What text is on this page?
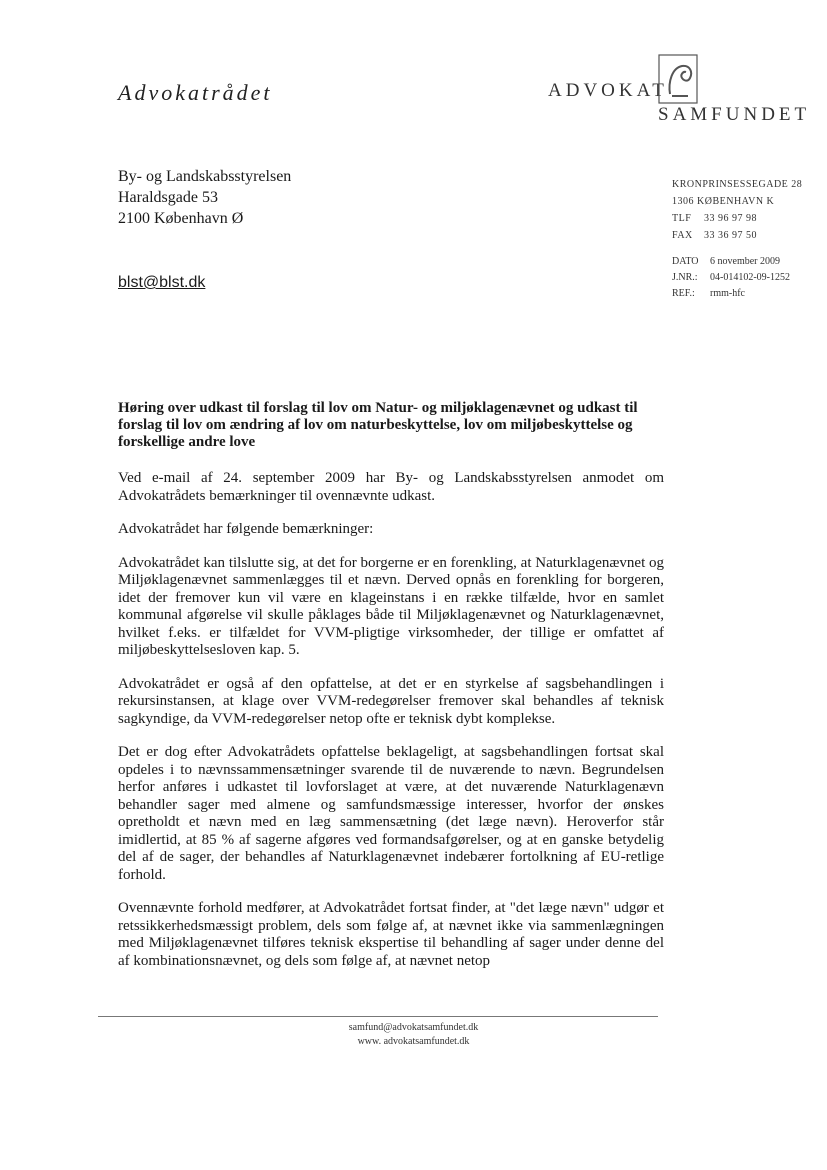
Advokatrådet	ADVOKAT
SAMFUNDET
By- og Landskabsstyrelsen
Haraldsgade 53
2100 København Ø
blst@blst.dk
KRONPRINSESSEGADE 28
1306 KØBENHAVN K
TLF 33 96 97 98
FAX 33 36 97 50
DATO 6 november 2009
J.NR.: 04-014102-09-1252
REF.: rmm-hfc
Høring over udkast til forslag til lov om Natur- og miljøklagenævnet og udkast til forslag til lov om ændring af lov om naturbeskyttelse, lov om miljøbeskyttelse og forskellige andre love

Ved e-mail af 24. september 2009 har By- og Landskabsstyrelsen anmodet om Advokatrådets bemærkninger til ovennævnte udkast.

Advokatrådet har følgende bemærkninger:

Advokatrådet kan tilslutte sig, at det for borgerne er en forenkling, at Naturklagenævnet og Miljøklagenævnet sammenlægges til et nævn. Derved opnås en forenkling for borgeren, idet der fremover kun vil være en klageinstans i en række tilfælde, hvor en samlet kommunal afgørelse vil skulle påklages både til Miljøklagenævnet og Naturklagenævnet, hvilket f.eks. er tilfældet for VVM-pligtige virksomheder, der tillige er omfattet af miljøbeskyttelsesloven kap. 5.

Advokatrådet er også af den opfattelse, at det er en styrkelse af sagsbehandlingen i rekursinstansen, at klage over VVM-redegørelser fremover skal behandles af teknisk sagkyndige, da VVM-redegørelser netop ofte er teknisk dybt komplekse.

Det er dog efter Advokatrådets opfattelse beklageligt, at sagsbehandlingen fortsat skal opdeles i to nævnssammensætninger svarende til de nuværende to nævn. Begrundelsen herfor anføres i udkastet til lovforslaget at være, at det nuværende Naturklagenævn behandler sager med almene og samfundsmæssige interesser, hvorfor der ønskes opretholdt et nævn med en læg sammensætning (det læge nævn). Heroverfor står imidlertid, at 85 % af sagerne afgøres ved formandsafgørelser, og at en ganske betydelig del af de sager, der behandles af Naturklagenævnet indebærer fortolkning af EU-retlige forhold.

Ovennævnte forhold medfører, at Advokatrådet fortsat finder, at "det læge nævn" udgør et retssikkerhedsmæssigt problem, dels som følge af, at nævnet ikke via sammenlægningen med Miljøklagenævnet tilføres teknisk ekspertise til behandling af sager under denne del af kombinationsnævnet, og dels som følge af, at nævnet netop

samfund@advokatsamfundet.dk
www. advokatsamfundet.dk
